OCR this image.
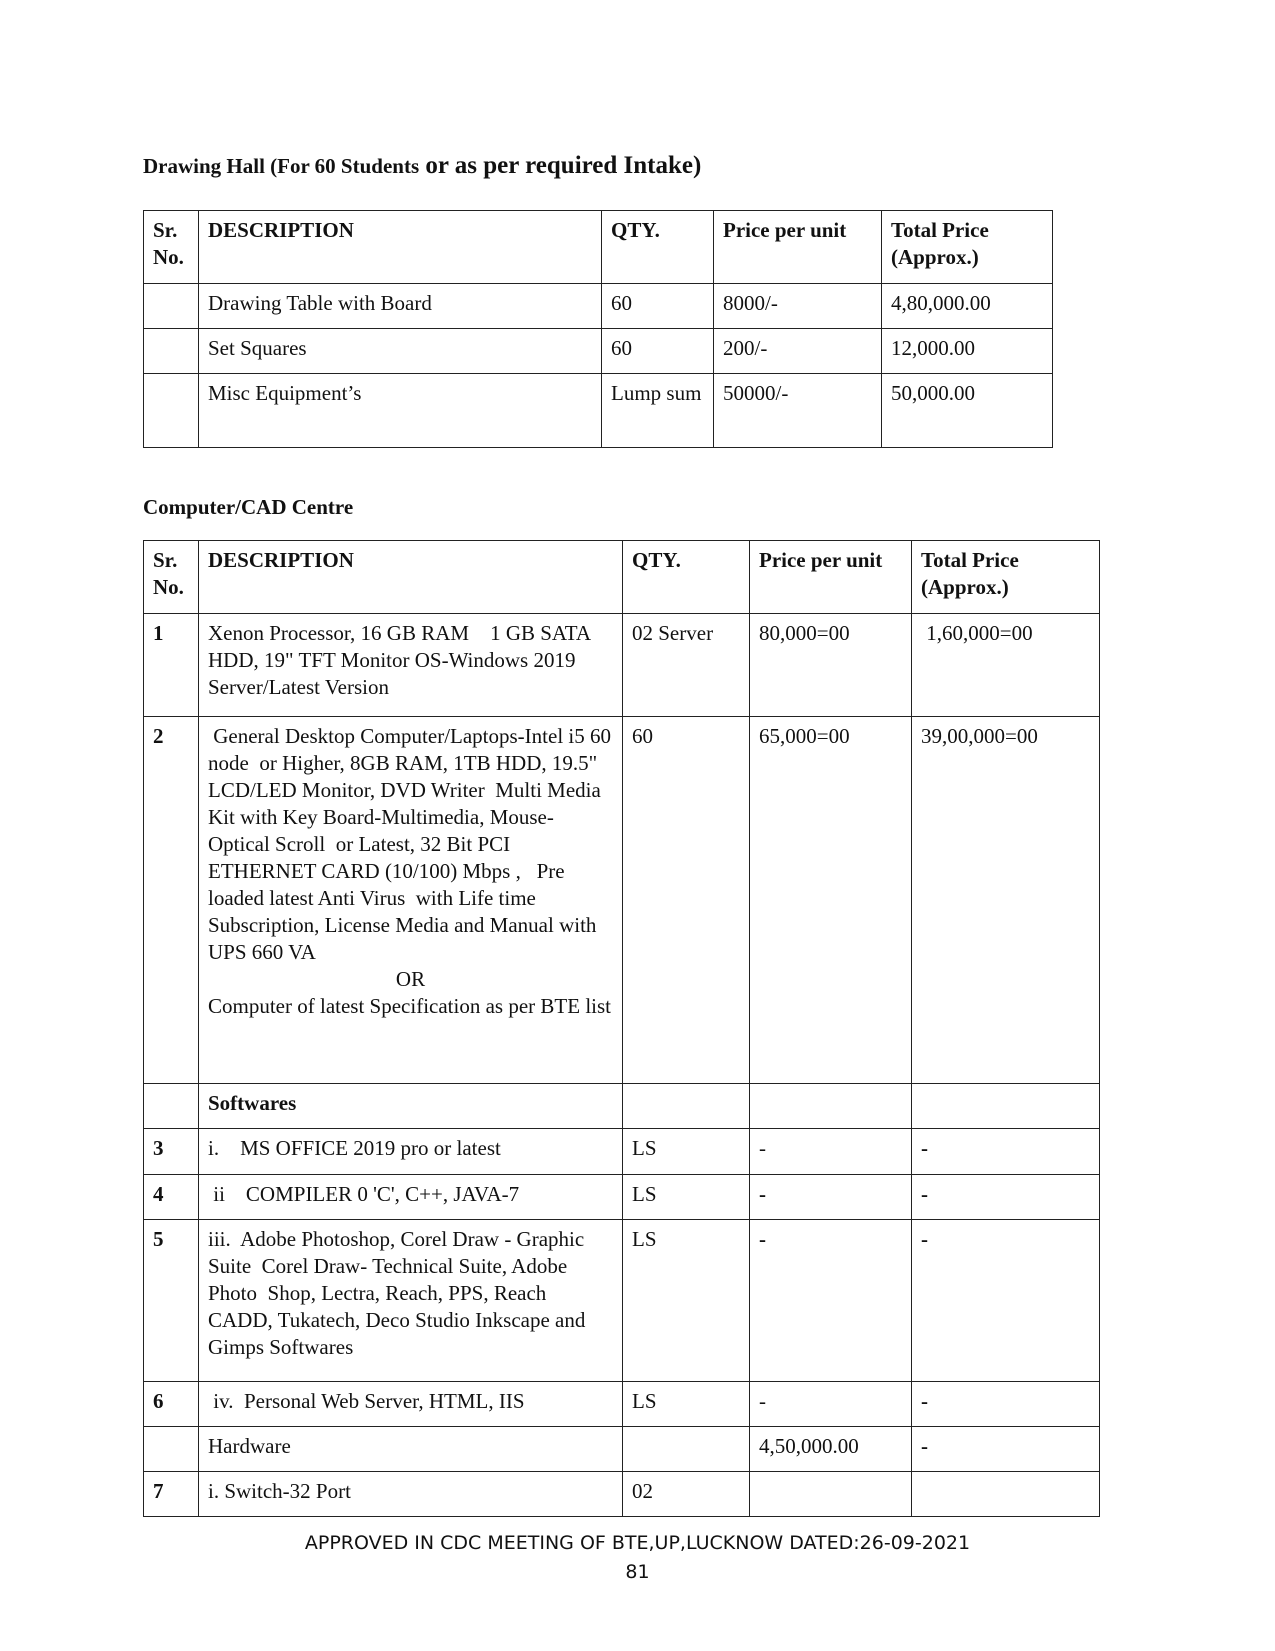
Drawing Hall (For 60 Students or as per required Intake)
Sr. No.	DESCRIPTION	QTY.	Price per unit	Total Price (Approx.)
	Drawing Table with Board	60	8000/-	4,80,000.00
	Set Squares	60	200/-	12,000.00
	Misc Equipment’s	Lump sum	50000/-	50,000.00
Computer/CAD Centre
Sr. No.	DESCRIPTION	QTY.	Price per unit	Total Price (Approx.)
1	Xenon Processor, 16 GB RAM    1 GB SATA HDD, 19" TFT Monitor OS-Windows 2019 Server/Latest Version	02 Server	80,000=00	1,60,000=00
2	General Desktop Computer/Laptops-Intel i5 60 node  or Higher, 8GB RAM, 1TB HDD, 19.5" LCD/LED Monitor, DVD Writer  Multi Media Kit with Key Board-Multimedia, Mouse- Optical Scroll  or Latest, 32 Bit PCI ETHERNET CARD (10/100) Mbps ,   Pre loaded latest Anti Virus  with Life time Subscription, License Media and Manual with  UPS 660 VA
OR
Computer of latest Specification as per BTE list	60	65,000=00	39,00,000=00
	Softwares			
3	i.    MS OFFICE 2019 pro or latest	LS	-	-
4	ii    COMPILER 0 'C', C++, JAVA-7	LS	-	-
5	iii.  Adobe Photoshop, Corel Draw - Graphic Suite  Corel Draw- Technical Suite, Adobe Photo  Shop, Lectra, Reach, PPS, Reach CADD, Tukatech, Deco Studio Inkscape and Gimps Softwares	LS	-	-
6	iv.  Personal Web Server, HTML, IIS	LS	-	-
	Hardware		4,50,000.00	-
7	i. Switch-32 Port	02		
APPROVED IN CDC MEETING OF BTE,UP,LUCKNOW DATED:26-09-2021
81
